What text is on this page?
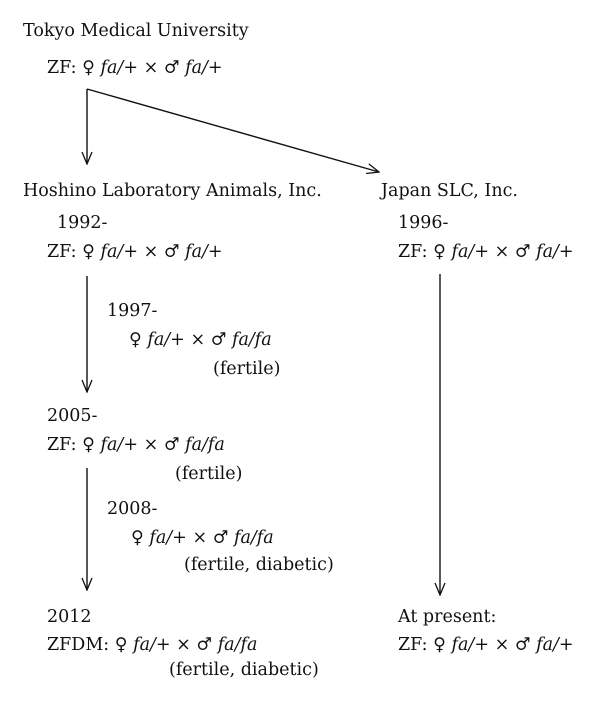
Tokyo Medical University
ZF: ♀ fa/+ × ♂ fa/+
Hoshino Laboratory Animals, Inc.
1992-
ZF: ♀ fa/+ × ♂ fa/+
1997-
♀ fa/+ × ♂ fa/fa
(fertile)
2005-
ZF: ♀ fa/+ × ♂ fa/fa
(fertile)
2008-
♀ fa/+ × ♂ fa/fa
(fertile, diabetic)
2012
ZFDM: ♀ fa/+ × ♂ fa/fa
(fertile, diabetic)
Japan SLC, Inc.
1996-
ZF: ♀ fa/+ × ♂ fa/+
At present:
ZF: ♀ fa/+ × ♂ fa/+
